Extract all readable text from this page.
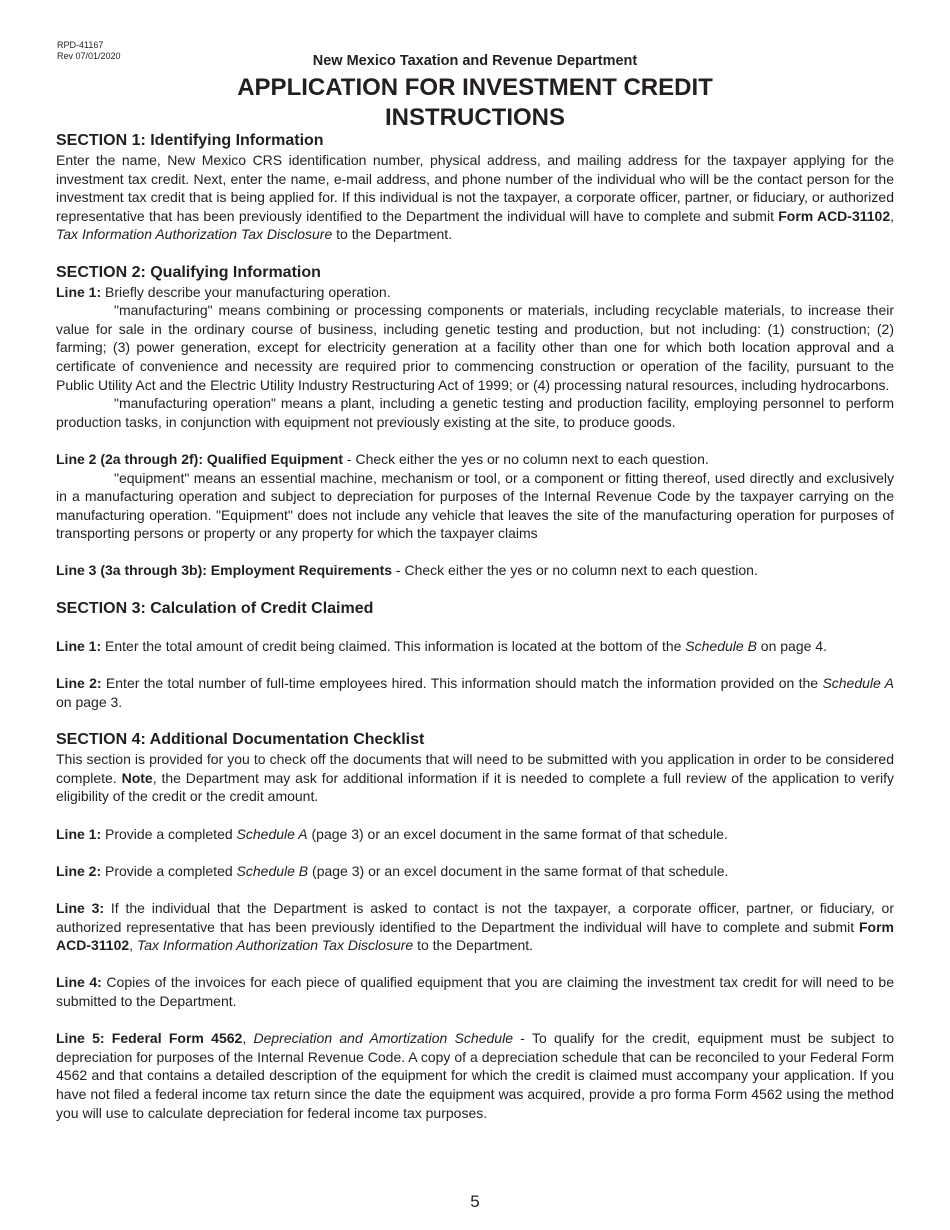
RPD-41167
Rev 07/01/2020	New Mexico Taxation and Revenue Department
APPLICATION FOR INVESTMENT CREDIT
INSTRUCTIONS
SECTION 1: Identifying Information

Enter the name, New Mexico CRS identification number, physical address, and mailing address for the taxpayer applying for the investment tax credit. Next, enter the name, e-mail address, and phone number of the individual who will be the contact person for the investment tax credit that is being applied for. If this individual is not the taxpayer, a corporate officer, partner, or fiduciary, or authorized representative that has been previously identified to the Department the individual will have to complete and submit Form ACD-31102, Tax Information Authorization Tax Disclosure to the Department.

SECTION 2: Qualifying Information

Line 1: Briefly describe your manufacturing operation.

"manufacturing" means combining or processing components or materials, including recyclable materials, to increase their value for sale in the ordinary course of business, including genetic testing and production, but not including: (1) construction; (2) farming; (3) power generation, except for electricity generation at a facility other than one for which both location approval and a certificate of convenience and necessity are required prior to commencing construction or operation of the facility, pursuant to the Public Utility Act and the Electric Utility Industry Restructuring Act of 1999; or (4) processing natural resources, including hydrocarbons.

"manufacturing operation" means a plant, including a genetic testing and production facility, employing personnel to perform production tasks, in conjunction with equipment not previously existing at the site, to produce goods.

Line 2 (2a through 2f): Qualified Equipment - Check either the yes or no column next to each question.

"equipment" means an essential machine, mechanism or tool, or a component or fitting thereof, used directly and exclusively in a manufacturing operation and subject to depreciation for purposes of the Internal Revenue Code by the taxpayer carrying on the manufacturing operation. "Equipment" does not include any vehicle that leaves the site of the manufacturing operation for purposes of transporting persons or property or any property for which the taxpayer claims

Line 3 (3a through 3b): Employment Requirements - Check either the yes or no column next to each question.

SECTION 3: Calculation of Credit Claimed

Line 1: Enter the total amount of credit being claimed. This information is located at the bottom of the Schedule B on page 4.

Line 2: Enter the total number of full-time employees hired. This information should match the information provided on the Schedule A on page 3.

SECTION 4: Additional Documentation Checklist

This section is provided for you to check off the documents that will need to be submitted with you application in order to be considered complete. Note, the Department may ask for additional information if it is needed to complete a full review of the application to verify eligibility of the credit or the credit amount.

Line 1: Provide a completed Schedule A (page 3) or an excel document in the same format of that schedule.

Line 2: Provide a completed Schedule B (page 3) or an excel document in the same format of that schedule.

Line 3: If the individual that the Department is asked to contact is not the taxpayer, a corporate officer, partner, or fiduciary, or authorized representative that has been previously identified to the Department the individual will have to complete and submit Form ACD-31102, Tax Information Authorization Tax Disclosure to the Department.

Line 4: Copies of the invoices for each piece of qualified equipment that you are claiming the investment tax credit for will need to be submitted to the Department.

Line 5: Federal Form 4562, Depreciation and Amortization Schedule - To qualify for the credit, equipment must be subject to depreciation for purposes of the Internal Revenue Code. A copy of a depreciation schedule that can be reconciled to your Federal Form 4562 and that contains a detailed description of the equipment for which the credit is claimed must accompany your application. If you have not filed a federal income tax return since the date the equipment was acquired, provide a pro forma Form 4562 using the method you will use to calculate depreciation for federal income tax purposes.

5
